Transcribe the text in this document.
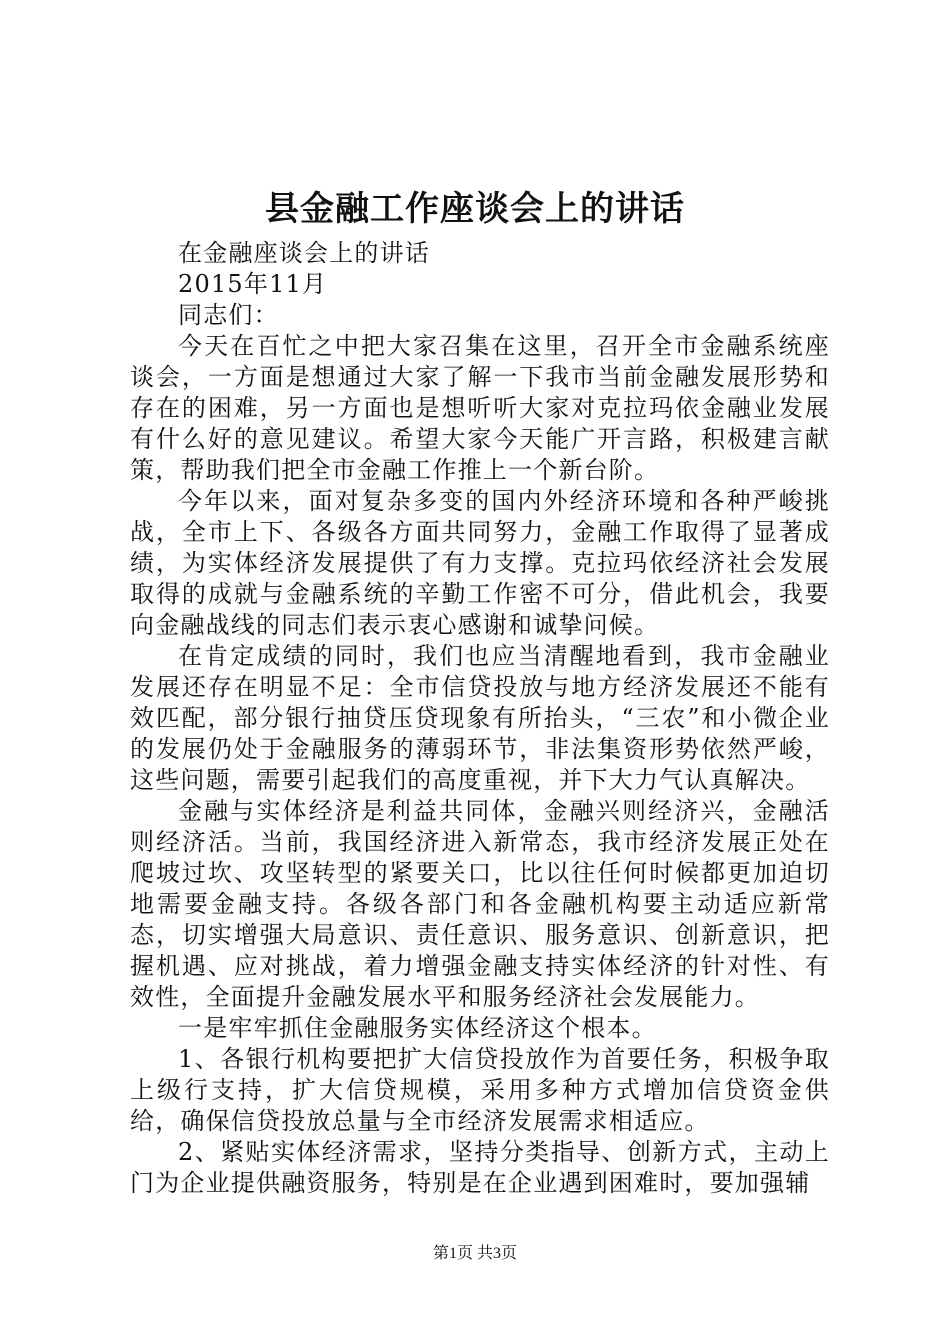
县金融工作座谈会上的讲话

在金融座谈会上的讲话

2015年11月

同志们：

今天在百忙之中把大家召集在这里，召开全市金融系统座谈会，一方面是想通过大家了解一下我市当前金融发展形势和存在的困难，另一方面也是想听听大家对克拉玛依金融业发展有什么好的意见建议。希望大家今天能广开言路，积极建言献策，帮助我们把全市金融工作推上一个新台阶。

今年以来，面对复杂多变的国内外经济环境和各种严峻挑战，全市上下、各级各方面共同努力，金融工作取得了显著成绩，为实体经济发展提供了有力支撑。克拉玛依经济社会发展取得的成就与金融系统的辛勤工作密不可分，借此机会，我要向金融战线的同志们表示衷心感谢和诚挚问候。

在肯定成绩的同时，我们也应当清醒地看到，我市金融业发展还存在明显不足：全市信贷投放与地方经济发展还不能有效匹配，部分银行抽贷压贷现象有所抬头，“三农”和小微企业的发展仍处于金融服务的薄弱环节，非法集资形势依然严峻，这些问题，需要引起我们的高度重视，并下大力气认真解决。

金融与实体经济是利益共同体，金融兴则经济兴，金融活则经济活。当前，我国经济进入新常态，我市经济发展正处在爬坡过坎、攻坚转型的紧要关口，比以往任何时候都更加迫切地需要金融支持。各级各部门和各金融机构要主动适应新常态，切实增强大局意识、责任意识、服务意识、创新意识，把握机遇、应对挑战，着力增强金融支持实体经济的针对性、有效性，全面提升金融发展水平和服务经济社会发展能力。

一是牢牢抓住金融服务实体经济这个根本。

1、各银行机构要把扩大信贷投放作为首要任务，积极争取上级行支持，扩大信贷规模，采用多种方式增加信贷资金供给，确保信贷投放总量与全市经济发展需求相适应。

2、紧贴实体经济需求，坚持分类指导、创新方式，主动上门为企业提供融资服务，特别是在企业遇到困难时，要加强辅

第1页 共3页
